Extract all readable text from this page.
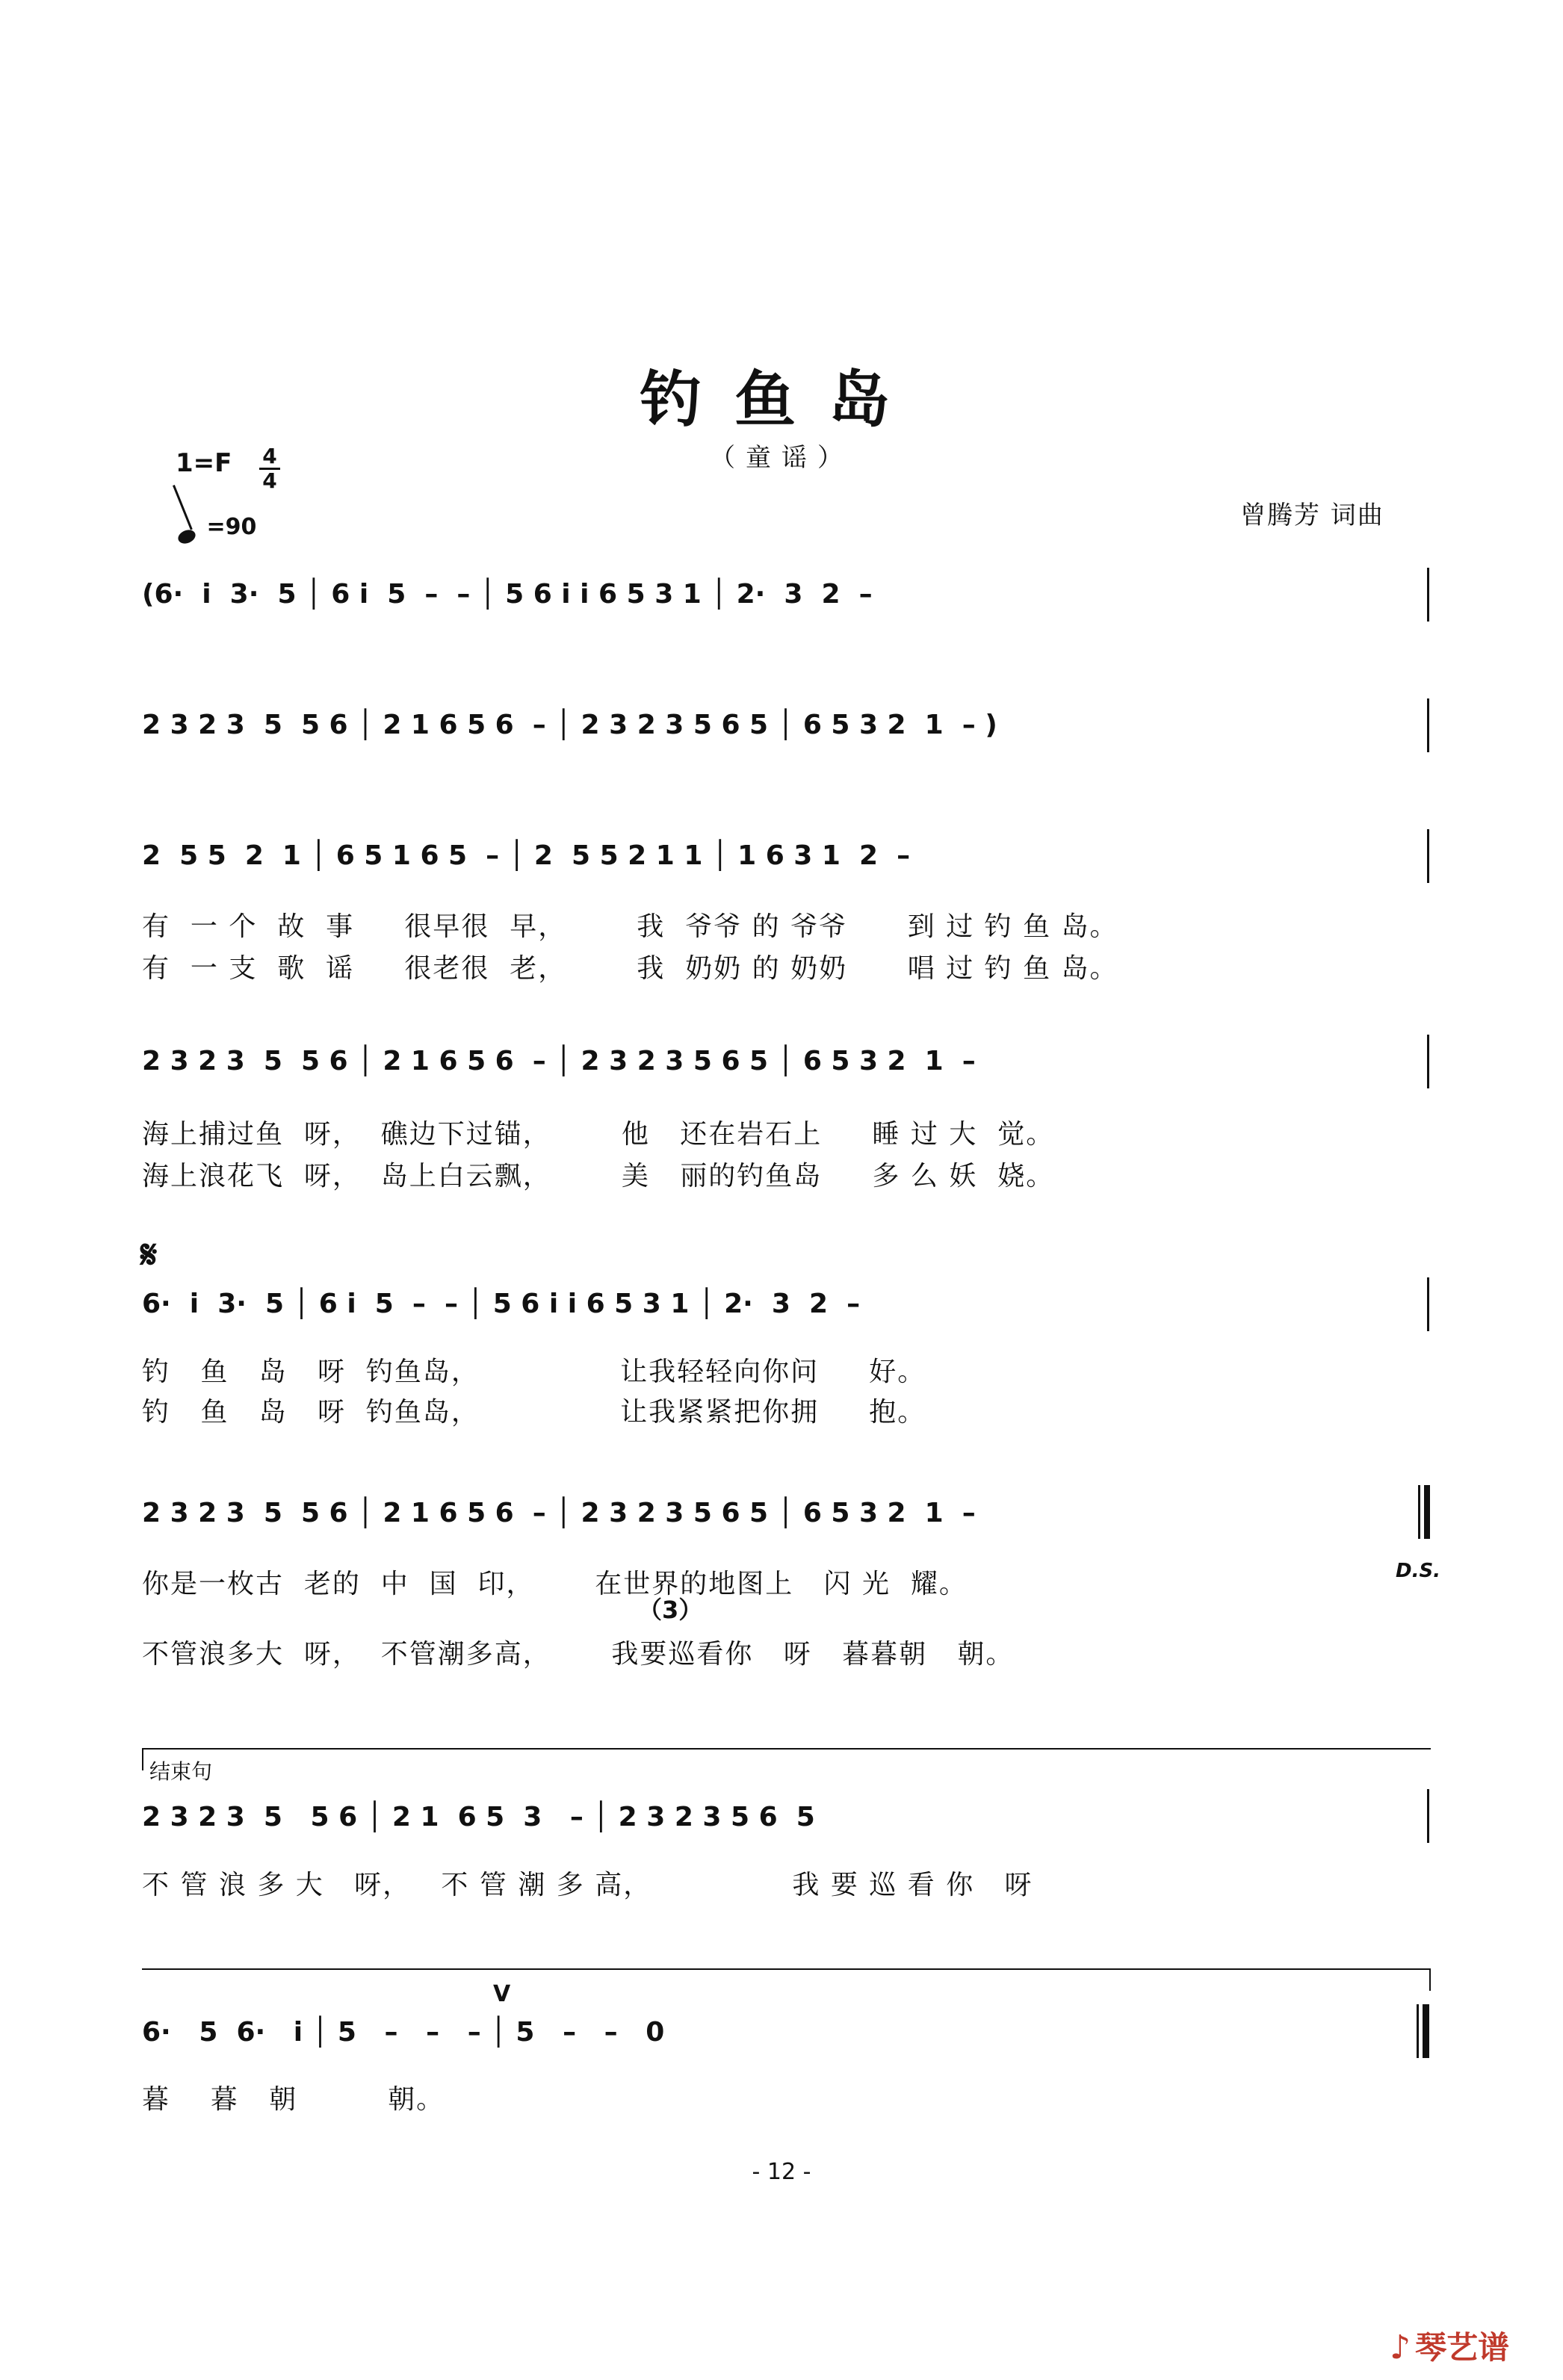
钓鱼岛
（童谣）
1=F 4
4
=90	曾腾芳 词曲
(6·  i  3·  5 │ 6 i  5  –  – │ 5 6 i i 6 5 3 1 │ 2·  3  2  –
2 3 2 3  5  5 6 │ 2 1 6 5 6  – │ 2 3 2 3 5 6 5 │ 6 5 3 2  1  – )
2  5 5  2  1 │ 6 5 1 6 5  – │ 2  5 5 2 1 1 │ 1 6 3 1  2  –
有  一 个  故  事     很早很  早，       我  爷爷 的 爷爷      到 过 钓 鱼 岛。
有  一 支  歌  谣     很老很  老，       我  奶奶 的 奶奶      唱 过 钓 鱼 岛。
2 3 2 3  5  5 6 │ 2 1 6 5 6  – │ 2 3 2 3 5 6 5 │ 6 5 3 2  1  –
海上捕过鱼  呀，  礁边下过锚，       他   还在岩石上     睡 过 大  觉。
海上浪花飞  呀，  岛上白云飘，       美   丽的钓鱼岛     多 么 妖  娆。
𝄋
6·  i  3·  5 │ 6 i  5  –  – │ 5 6 i i 6 5 3 1 │ 2·  3  2  –
钓   鱼   岛   呀  钓鱼岛，              让我轻轻向你问     好。
钓   鱼   岛   呀  钓鱼岛，              让我紧紧把你拥     抱。
2 3 2 3  5  5 6 │ 2 1 6 5 6  – │ 2 3 2 3 5 6 5 │ 6 5 3 2  1  –
你是一枚古  老的  中  国  印，      在世界的地图上   闪 光  耀。	D.S.
（3）
不管浪多大  呀，  不管潮多高，      我要巡看你   呀   暮暮朝   朝。
结束句
2 3 2 3  5   5 6 │ 2 1  6 5  3   – │ 2 3 2 3 5 6  5
不 管 浪 多 大   呀，   不 管 潮 多 高，              我 要 巡 看 你   呀
V
6·   5  6·   i │ 5   –   –   – │ 5   –   –   0
暮    暮   朝         朝。
- 12 -
♪ 琴艺谱
